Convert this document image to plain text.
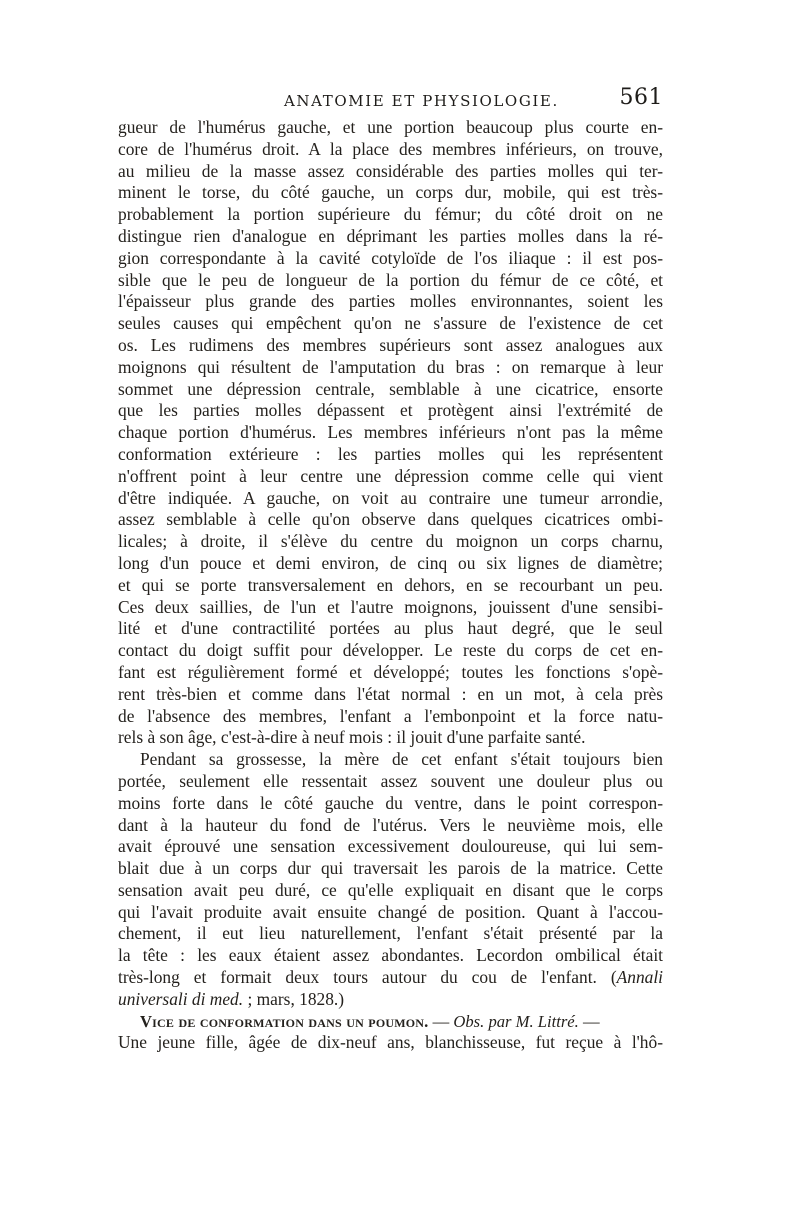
ANATOMIE ET PHYSIOLOGIE.	561
gueur de l'humérus gauche, et une portion beaucoup plus courte en-
core de l'humérus droit. A la place des membres inférieurs, on trouve,
au milieu de la masse assez considérable des parties molles qui ter-
minent le torse, du côté gauche, un corps dur, mobile, qui est très-
probablement la portion supérieure du fémur; du côté droit on ne
distingue rien d'analogue en déprimant les parties molles dans la ré-
gion correspondante à la cavité cotyloïde de l'os iliaque : il est pos-
sible que le peu de longueur de la portion du fémur de ce côté, et
l'épaisseur plus grande des parties molles environnantes, soient les
seules causes qui empêchent qu'on ne s'assure de l'existence de cet
os. Les rudimens des membres supérieurs sont assez analogues aux
moignons qui résultent de l'amputation du bras : on remarque à leur
sommet une dépression centrale, semblable à une cicatrice, ensorte
que les parties molles dépassent et protègent ainsi l'extrémité de
chaque portion d'humérus. Les membres inférieurs n'ont pas la même
conformation extérieure : les parties molles qui les représentent
n'offrent point à leur centre une dépression comme celle qui vient
d'être indiquée. A gauche, on voit au contraire une tumeur arrondie,
assez semblable à celle qu'on observe dans quelques cicatrices ombi-
licales; à droite, il s'élève du centre du moignon un corps charnu,
long d'un pouce et demi environ, de cinq ou six lignes de diamètre;
et qui se porte transversalement en dehors, en se recourbant un peu.
Ces deux saillies, de l'un et l'autre moignons, jouissent d'une sensibi-
lité et d'une contractilité portées au plus haut degré, que le seul
contact du doigt suffit pour développer. Le reste du corps de cet en-
fant est régulièrement formé et développé; toutes les fonctions s'opè-
rent très-bien et comme dans l'état normal : en un mot, à cela près
de l'absence des membres, l'enfant a l'embonpoint et la force natu-
rels à son âge, c'est-à-dire à neuf mois : il jouit d'une parfaite santé.
Pendant sa grossesse, la mère de cet enfant s'était toujours bien
portée, seulement elle ressentait assez souvent une douleur plus ou
moins forte dans le côté gauche du ventre, dans le point correspon-
dant à la hauteur du fond de l'utérus. Vers le neuvième mois, elle
avait éprouvé une sensation excessivement douloureuse, qui lui sem-
blait due à un corps dur qui traversait les parois de la matrice. Cette
sensation avait peu duré, ce qu'elle expliquait en disant que le corps
qui l'avait produite avait ensuite changé de position. Quant à l'accou-
chement, il eut lieu naturellement, l'enfant s'était présenté par la
la tête : les eaux étaient assez abondantes. Lecordon ombilical était
très-long et formait deux tours autour du cou de l'enfant. (Annali
universali di med. ; mars, 1828.)
Vice de conformation dans un poumon. — Obs. par M. Littré. —
Une jeune fille, âgée de dix-neuf ans, blanchisseuse, fut reçue à l'hô-
